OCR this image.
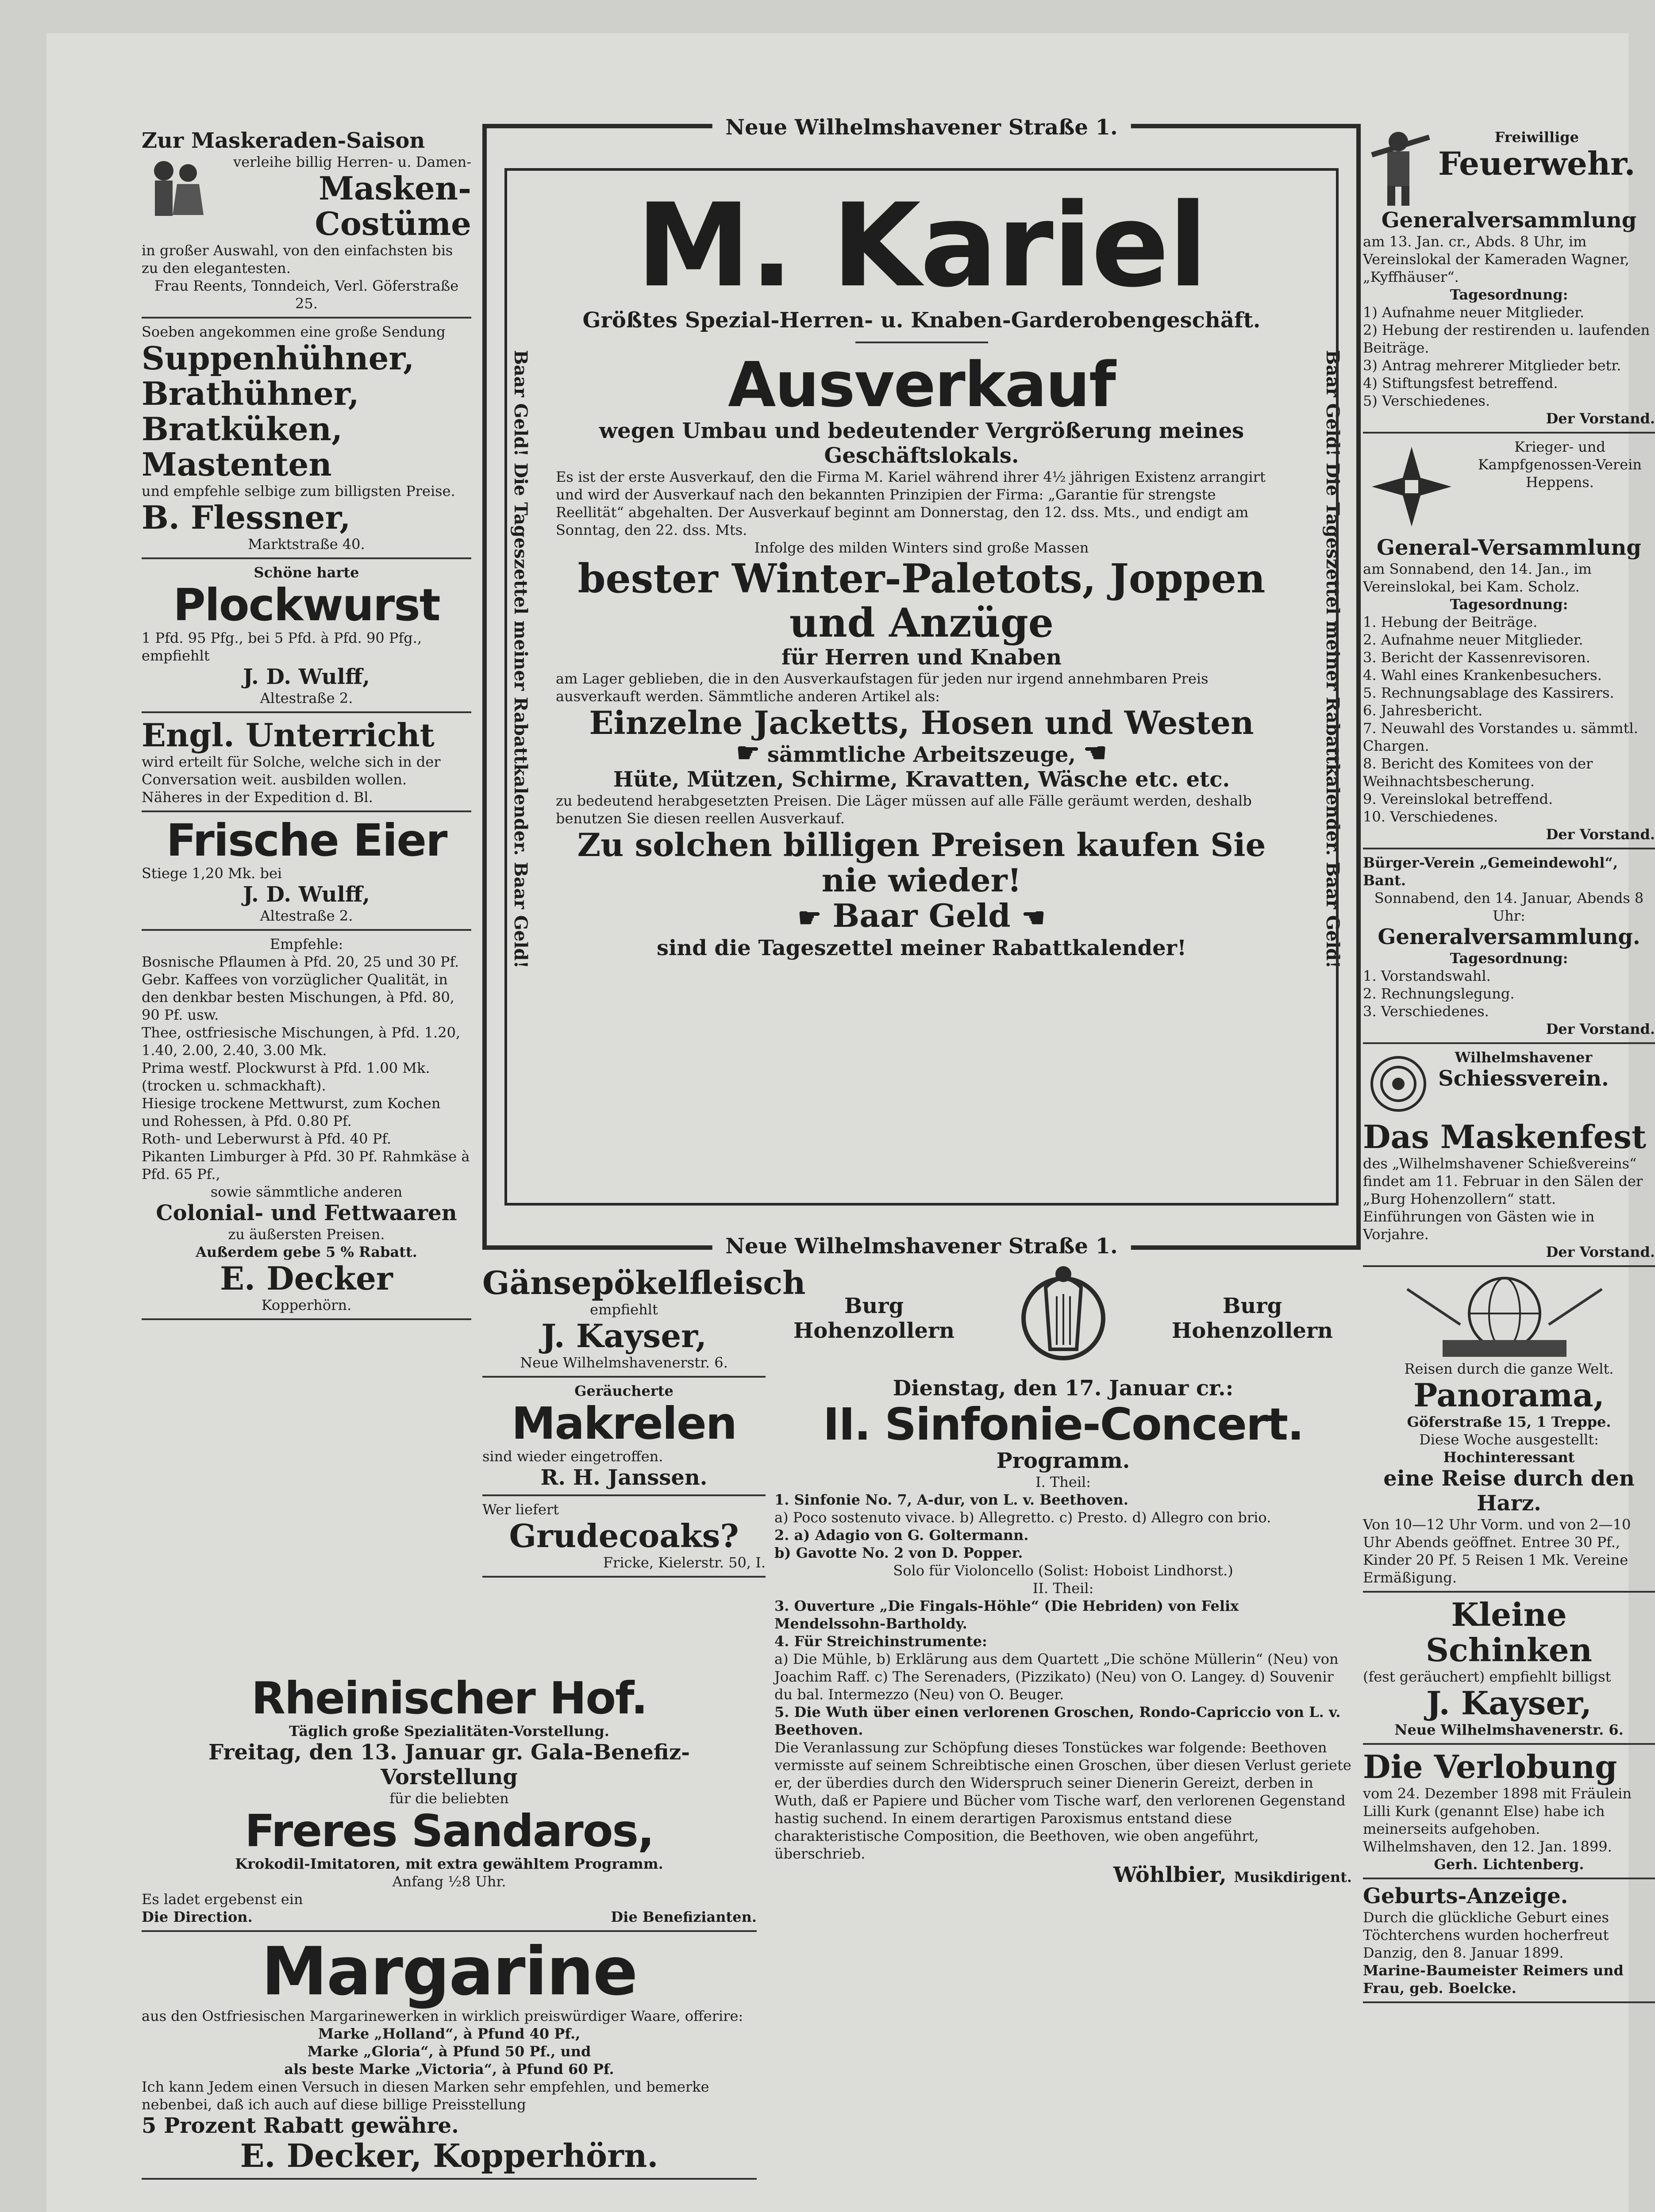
Zur Maskeraden-Saison

verleihe billig Herren- u. Damen-

Masken-Costüme

in großer Auswahl, von den einfachsten bis zu den elegantesten.

Frau Reents, Tonndeich, Verl. Göferstraße 25.

Soeben angekommen eine große Sendung

Suppenhühner,

Brathühner,

Bratküken,

Mastenten

und empfehle selbige zum billigsten Preise.

B. Flessner,

Marktstraße 40.

Schöne harte

Plockwurst

1 Pfd. 95 Pfg., bei 5 Pfd. à Pfd. 90 Pfg., empfiehlt

J. D. Wulff,

Altestraße 2.

Engl. Unterricht

wird erteilt für Solche, welche sich in der Conversation weit. ausbilden wollen. Näheres in der Expedition d. Bl.

Frische Eier

Stiege 1,20 Mk. bei

J. D. Wulff,

Altestraße 2.

Empfehle:

Bosnische Pflaumen à Pfd. 20, 25 und 30 Pf.

Gebr. Kaffees von vorzüglicher Qualität, in den denkbar besten Mischungen, à Pfd. 80, 90 Pf. usw.

Thee, ostfriesische Mischungen, à Pfd. 1.20, 1.40, 2.00, 2.40, 3.00 Mk.

Prima westf. Plockwurst à Pfd. 1.00 Mk. (trocken u. schmackhaft).

Hiesige trockene Mettwurst, zum Kochen und Rohessen, à Pfd. 0.80 Pf.

Roth- und Leberwurst à Pfd. 40 Pf.

Pikanten Limburger à Pfd. 30 Pf. Rahmkäse à Pfd. 65 Pf.,

sowie sämmtliche anderen

Colonial- und Fettwaaren

zu äußersten Preisen.

Außerdem gebe 5 % Rabatt.

E. Decker

Kopperhörn.

Rheinischer Hof.

Täglich große Spezialitäten-Vorstellung.

Freitag, den 13. Januar gr. Gala-Benefiz-Vorstellung

für die beliebten

Freres Sandaros,

Krokodil-Imitatoren, mit extra gewähltem Programm.

Anfang ½8 Uhr.

Es ladet ergebenst ein

Die Direction.	Die Benefizianten.

Margarine

aus den Ostfriesischen Margarinewerken in wirklich preiswürdiger Waare, offerire:

Marke „Holland“, à Pfund 40 Pf.,

Marke „Gloria“, à Pfund 50 Pf., und

als beste Marke „Victoria“, à Pfund 60 Pf.

Ich kann Jedem einen Versuch in diesen Marken sehr empfehlen, und bemerke nebenbei, daß ich auch auf diese billige Preisstellung

5 Prozent Rabatt gewähre.

E. Decker, Kopperhörn.

Neue Wilhelmshavener Straße 1.
Baar Geld! Die Tageszettel meiner Rabattkalender. Baar Geld!	Baar Geld! Die Tageszettel meiner Rabattkalender. Baar Geld!

M. Kariel

Größtes Spezial-Herren- u. Knaben-Garderobengeschäft.

Ausverkauf

wegen Umbau und bedeutender Vergrößerung meines Geschäftslokals.

Es ist der erste Ausverkauf, den die Firma M. Kariel während ihrer 4½ jährigen Existenz arrangirt und wird der Ausverkauf nach den bekannten Prinzipien der Firma: „Garantie für strengste Reellität“ abgehalten. Der Ausverkauf beginnt am Donnerstag, den 12. dss. Mts., und endigt am Sonntag, den 22. dss. Mts.

Infolge des milden Winters sind große Massen

bester Winter-Paletots, Joppen und Anzüge

für Herren und Knaben

am Lager geblieben, die in den Ausverkaufstagen für jeden nur irgend annehmbaren Preis ausverkauft werden. Sämmtliche anderen Artikel als:

Einzelne Jacketts, Hosen und Westen

☛ sämmtliche Arbeitszeuge, ☚

Hüte, Mützen, Schirme, Kravatten, Wäsche etc. etc.

zu bedeutend herabgesetzten Preisen. Die Läger müssen auf alle Fälle geräumt werden, deshalb benutzen Sie diesen reellen Ausverkauf.

Zu solchen billigen Preisen kaufen Sie nie wieder!

☛ Baar Geld ☚

sind die Tageszettel meiner Rabattkalender!

Neue Wilhelmshavener Straße 1.

Gänsepökelfleisch

empfiehlt

J. Kayser,

Neue Wilhelmshavenerstr. 6.

Geräucherte

Makrelen

sind wieder eingetroffen.

R. H. Janssen.

Wer liefert

Grudecoaks?

Fricke, Kielerstr. 50, I.

Burg Hohenzollern

Burg Hohenzollern

Dienstag, den 17. Januar cr.:

II. Sinfonie-Concert.

Programm.

I. Theil:

1. Sinfonie No. 7, A-dur, von L. v. Beethoven.

a) Poco sostenuto vivace. b) Allegretto. c) Presto. d) Allegro con brio.

2. a) Adagio von G. Goltermann.

b) Gavotte No. 2 von D. Popper.

Solo für Violoncello (Solist: Hoboist Lindhorst.)

II. Theil:

3. Ouverture „Die Fingals-Höhle“ (Die Hebriden) von Felix Mendelssohn-Bartholdy.

4. Für Streichinstrumente:

a) Die Mühle, b) Erklärung aus dem Quartett „Die schöne Müllerin“ (Neu) von Joachim Raff. c) The Serenaders, (Pizzikato) (Neu) von O. Langey. d) Souvenir du bal. Intermezzo (Neu) von O. Beuger.

5. Die Wuth über einen verlorenen Groschen, Rondo-Capriccio von L. v. Beethoven.

Die Veranlassung zur Schöpfung dieses Tonstückes war folgende: Beethoven vermisste auf seinem Schreibtische einen Groschen, über diesen Verlust geriete er, der überdies durch den Widerspruch seiner Dienerin Gereizt, derben in Wuth, daß er Papiere und Bücher vom Tische warf, den verlorenen Gegenstand hastig suchend. In einem derartigen Paroxismus entstand diese charakteristische Composition, die Beethoven, wie oben angeführt, überschrieb.

Wöhlbier, Musikdirigent.

Freiwillige

Feuerwehr.

Generalversammlung

am 13. Jan. cr., Abds. 8 Uhr, im Vereinslokal der Kameraden Wagner, „Kyffhäuser“.

Tagesordnung:

1) Aufnahme neuer Mitglieder.

2) Hebung der restirenden u. laufenden Beiträge.

3) Antrag mehrerer Mitglieder betr.

4) Stiftungsfest betreffend.

5) Verschiedenes.

Der Vorstand.

Krieger- und Kampfgenossen-Verein Heppens.

General-Versammlung

am Sonnabend, den 14. Jan., im Vereinslokal, bei Kam. Scholz.

Tagesordnung:

1. Hebung der Beiträge.

2. Aufnahme neuer Mitglieder.

3. Bericht der Kassenrevisoren.

4. Wahl eines Krankenbesuchers.

5. Rechnungsablage des Kassirers.

6. Jahresbericht.

7. Neuwahl des Vorstandes u. sämmtl. Chargen.

8. Bericht des Komitees von der Weihnachtsbescherung.

9. Vereinslokal betreffend.

10. Verschiedenes.

Der Vorstand.

Bürger-Verein „Gemeindewohl“, Bant.

Sonnabend, den 14. Januar, Abends 8 Uhr:

Generalversammlung.

Tagesordnung:

1. Vorstandswahl.

2. Rechnungslegung.

3. Verschiedenes.

Der Vorstand.

Wilhelmshavener

Schiessverein.

Das Maskenfest

des „Wilhelmshavener Schießvereins“ findet am 11. Februar in den Sälen der „Burg Hohenzollern“ statt. Einführungen von Gästen wie in Vorjahre.

Der Vorstand.

Reisen durch die ganze Welt.

Panorama,

Göferstraße 15, 1 Treppe.

Diese Woche ausgestellt:

Hochinteressant

eine Reise durch den Harz.

Von 10—12 Uhr Vorm. und von 2—10 Uhr Abends geöffnet. Entree 30 Pf., Kinder 20 Pf. 5 Reisen 1 Mk. Vereine Ermäßigung.

Kleine Schinken

(fest geräuchert) empfiehlt billigst

J. Kayser,

Neue Wilhelmshavenerstr. 6.

Die Verlobung

vom 24. Dezember 1898 mit Fräulein Lilli Kurk (genannt Else) habe ich meinerseits aufgehoben.

Wilhelmshaven, den 12. Jan. 1899.

Gerh. Lichtenberg.

Geburts-Anzeige.

Durch die glückliche Geburt eines Töchterchens wurden hocherfreut Danzig, den 8. Januar 1899.

Marine-Baumeister Reimers und Frau, geb. Boelcke.
